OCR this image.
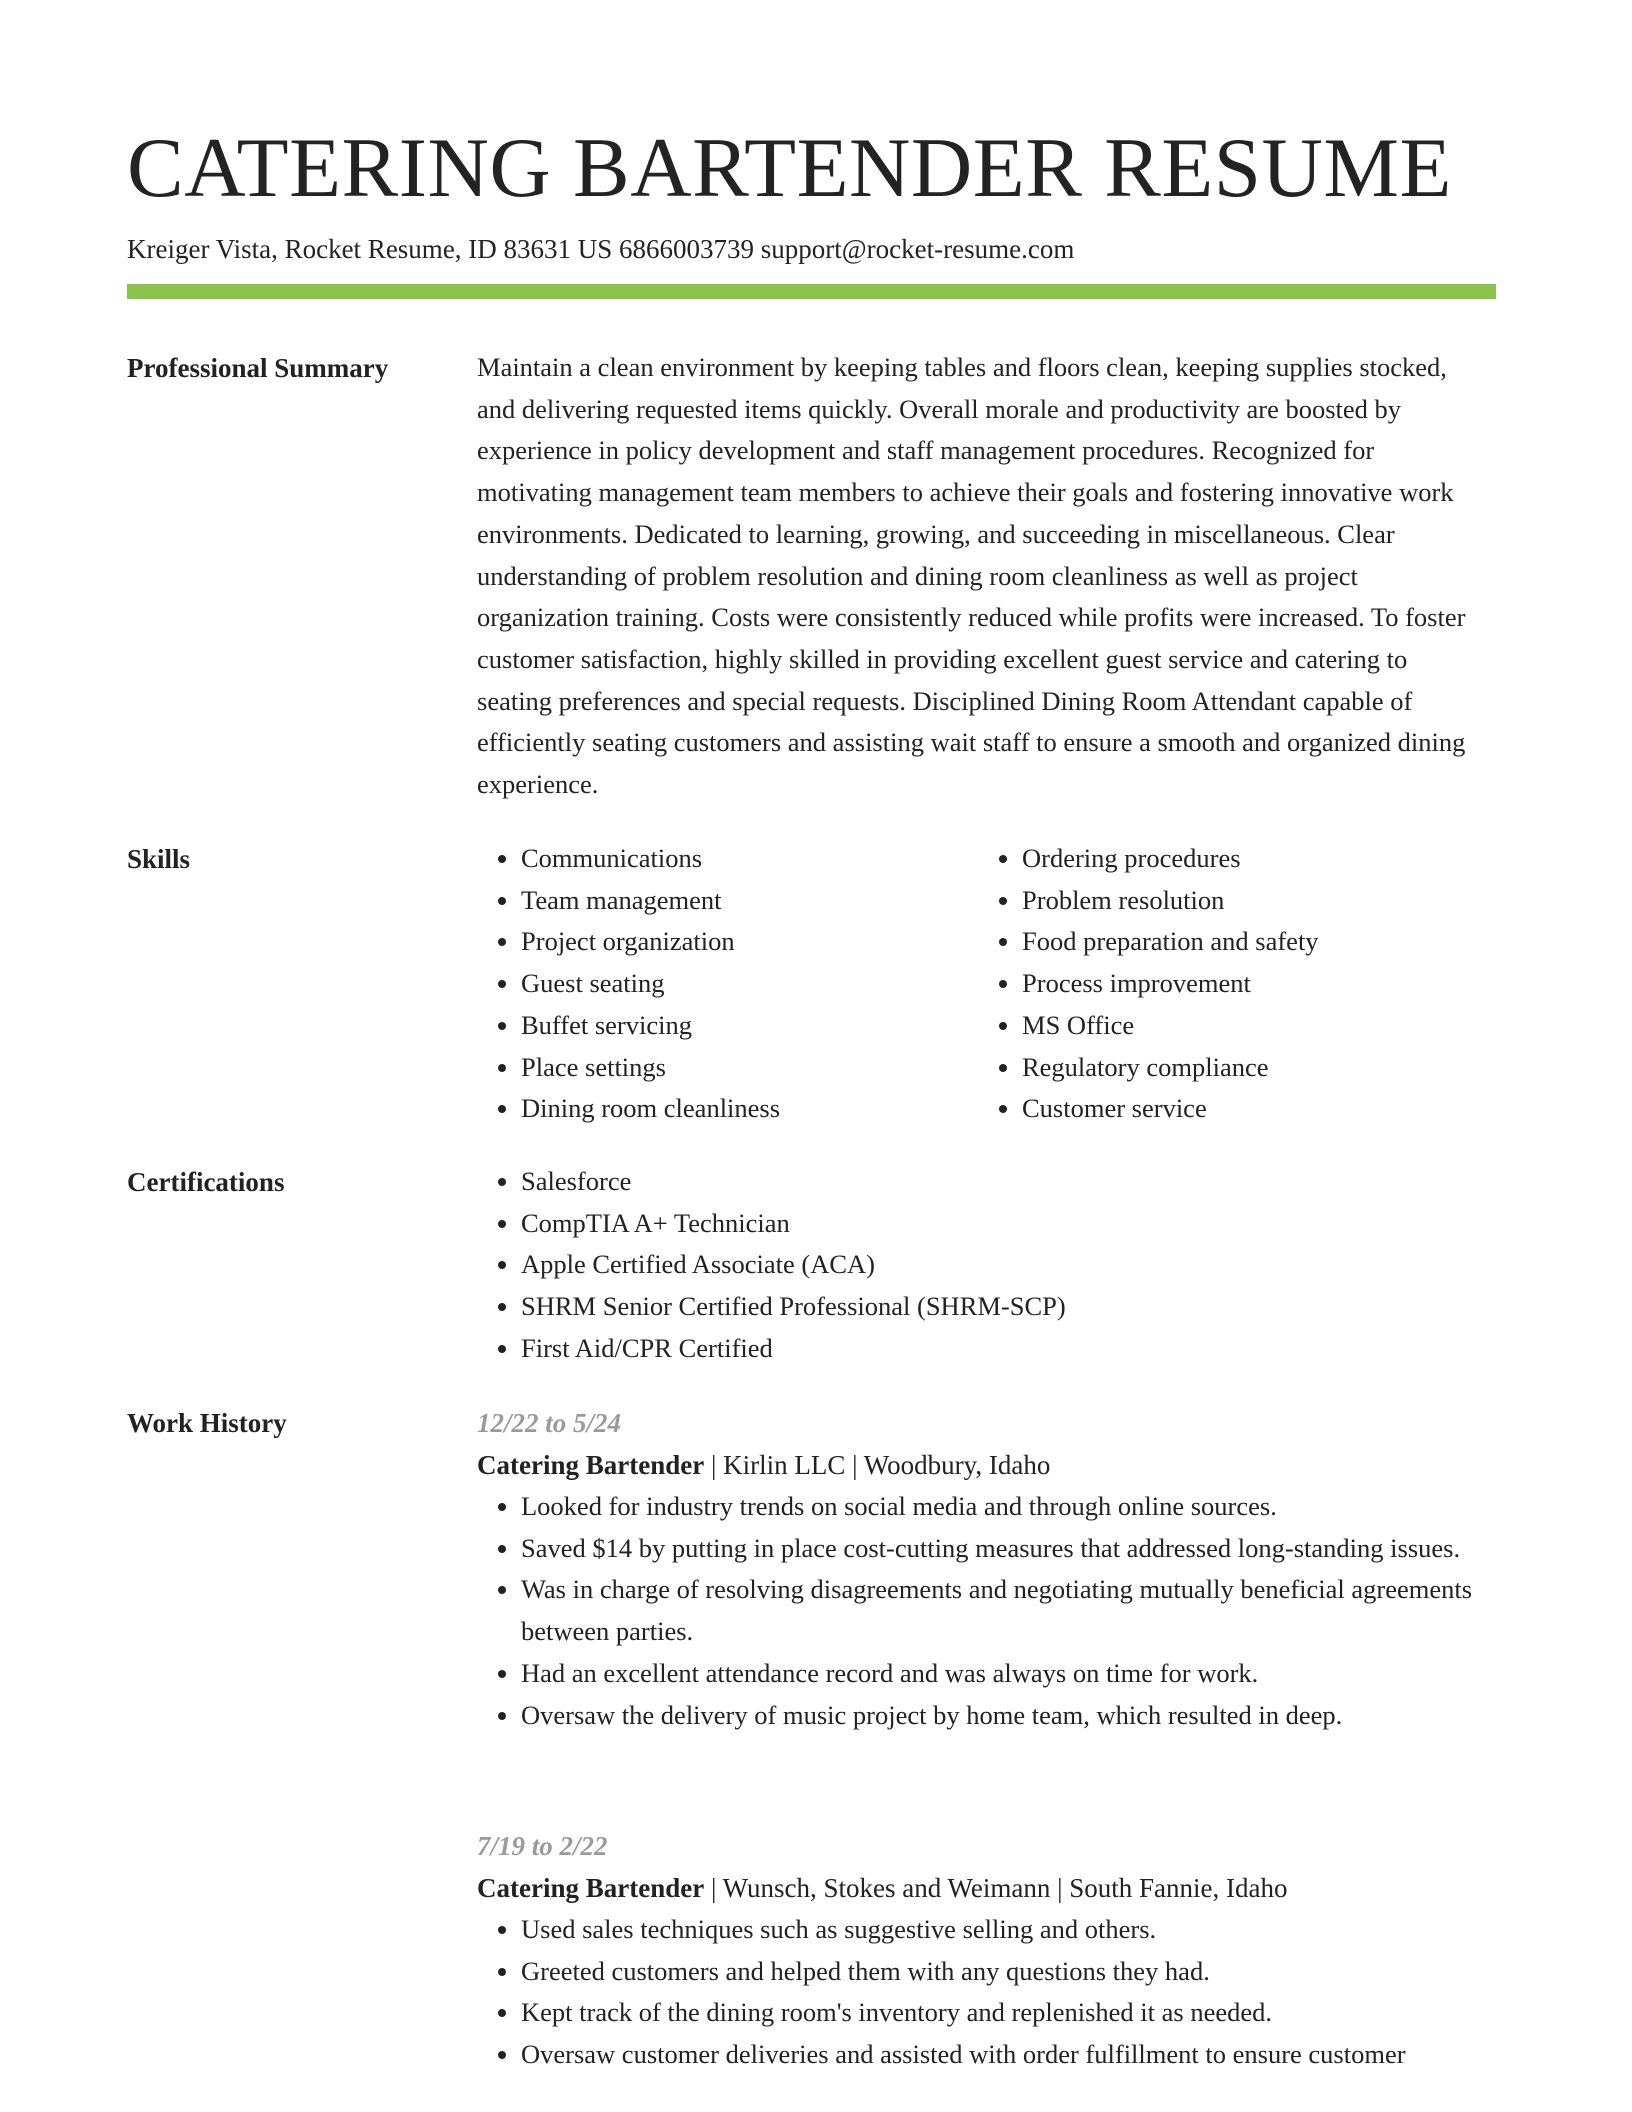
CATERING BARTENDER RESUME
Kreiger Vista, Rocket Resume, ID 83631 US 6866003739 support@rocket-resume.com
Professional Summary	Maintain a clean environment by keeping tables and floors clean, keeping supplies stocked, and delivering requested items quickly. Overall morale and productivity are boosted by experience in policy development and staff management procedures. Recognized for motivating management team members to achieve their goals and fostering innovative work environments. Dedicated to learning, growing, and succeeding in miscellaneous. Clear understanding of problem resolution and dining room cleanliness as well as project organization training. Costs were consistently reduced while profits were increased. To foster customer satisfaction, highly skilled in providing excellent guest service and catering to seating preferences and special requests. Disciplined Dining Room Attendant capable of efficiently seating customers and assisting wait staff to ensure a smooth and organized dining experience.

Skills	• Communications
• Team management
• Project organization
• Guest seating
• Buffet servicing
• Place settings
• Dining room cleanliness
• Ordering procedures
• Problem resolution
• Food preparation and safety
• Process improvement
• MS Office
• Regulatory compliance
• Customer service
Certifications	• Salesforce
• CompTIA A+ Technician
• Apple Certified Associate (ACA)
• SHRM Senior Certified Professional (SHRM-SCP)
• First Aid/CPR Certified
Work History	12/22 to 5/24
Catering Bartender | Kirlin LLC | Woodbury, Idaho
• Looked for industry trends on social media and through online sources.
• Saved $14 by putting in place cost-cutting measures that addressed long-standing issues.
• Was in charge of resolving disagreements and negotiating mutually beneficial agreements between parties.
• Had an excellent attendance record and was always on time for work.
• Oversaw the delivery of music project by home team, which resulted in deep.
7/19 to 2/22
Catering Bartender | Wunsch, Stokes and Weimann | South Fannie, Idaho
• Used sales techniques such as suggestive selling and others.
• Greeted customers and helped them with any questions they had.
• Kept track of the dining room's inventory and replenished it as needed.
• Oversaw customer deliveries and assisted with order fulfillment to ensure customer
